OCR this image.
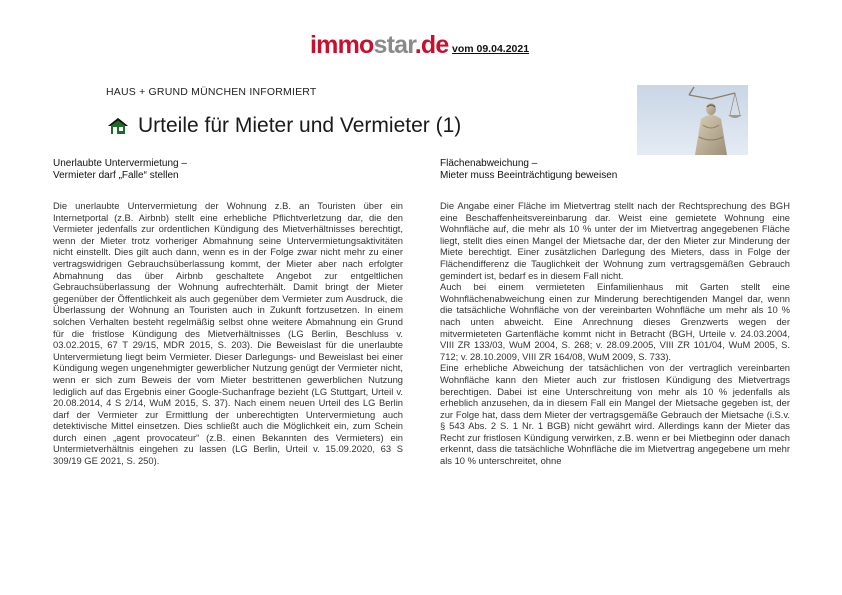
immostar.de vom 09.04.2021
HAUS + GRUND MÜNCHEN INFORMIERT
Urteile für Mieter und Vermieter (1)
Unerlaubte Untervermietung –
Vermieter darf „Falle“ stellen

Die unerlaubte Untervermietung der Wohnung z.B. an Touristen über ein Internetportal (z.B. Airbnb) stellt eine erhebliche Pflichtverletzung dar, die den Vermieter jedenfalls zur ordentlichen Kündigung des Mietverhältnisses berechtigt, wenn der Mieter trotz vorheriger Abmahnung seine Untervermietungsaktivitäten nicht einstellt. Dies gilt auch dann, wenn es in der Folge zwar nicht mehr zu einer vertragswidrigen Gebrauchsüberlassung kommt, der Mieter aber nach erfolgter Abmahnung das über Airbnb geschaltete Angebot zur entgeltlichen Gebrauchsüberlassung der Wohnung aufrechterhält. Damit bringt der Mieter gegenüber der Öffentlichkeit als auch gegenüber dem Vermieter zum Ausdruck, die Überlassung der Wohnung an Touristen auch in Zukunft fortzusetzen. In einem solchen Verhalten besteht regelmäßig selbst ohne weitere Abmahnung ein Grund für die fristlose Kündigung des Mietverhältnisses (LG Berlin, Beschluss v. 03.02.2015, 67 T 29/15, MDR 2015, S. 203). Die Beweislast für die unerlaubte Untervermietung liegt beim Vermieter. Dieser Darlegungs- und Beweislast bei einer Kündigung wegen ungenehmigter gewerblicher Nutzung genügt der Vermieter nicht, wenn er sich zum Beweis der vom Mieter bestrittenen gewerblichen Nutzung lediglich auf das Ergebnis einer Google-Suchanfrage bezieht (LG Stuttgart, Urteil v. 20.08.2014, 4 S 2/14, WuM 2015, S. 37). Nach einem neuen Urteil des LG Berlin darf der Vermieter zur Ermittlung der unberechtigten Untervermietung auch detektivische Mittel einsetzen. Dies schließt auch die Möglichkeit ein, zum Schein durch einen „agent provocateur“ (z.B. einen Bekannten des Vermieters) ein Untermietverhältnis eingehen zu lassen (LG Berlin, Urteil v. 15.09.2020, 63 S 309/19 GE 2021, S. 250).

Flächenabweichung –
Mieter muss Beeinträchtigung beweisen

Die Angabe einer Fläche im Mietvertrag stellt nach der Rechtsprechung des BGH eine Beschaffenheitsvereinbarung dar. Weist eine gemietete Wohnung eine Wohnfläche auf, die mehr als 10 % unter der im Mietvertrag angegebenen Fläche liegt, stellt dies einen Mangel der Mietsache dar, der den Mieter zur Minderung der Miete berechtigt. Einer zusätzlichen Darlegung des Mieters, dass in Folge der Flächendifferenz die Tauglichkeit der Wohnung zum vertragsgemäßen Gebrauch gemindert ist, bedarf es in diesem Fall nicht.

Auch bei einem vermieteten Einfamilienhaus mit Garten stellt eine Wohnflächenabweichung einen zur Minderung berechtigenden Mangel dar, wenn die tatsächliche Wohnfläche von der vereinbarten Wohnfläche um mehr als 10 % nach unten abweicht. Eine Anrechnung dieses Grenzwerts wegen der mitvermieteten Gartenfläche kommt nicht in Betracht (BGH, Urteile v. 24.03.2004, VIII ZR 133/03, WuM 2004, S. 268; v. 28.09.2005, VIII ZR 101/04, WuM 2005, S. 712; v. 28.10.2009, VIII ZR 164/08, WuM 2009, S. 733).

Eine erhebliche Abweichung der tatsächlichen von der vertraglich vereinbarten Wohnfläche kann den Mieter auch zur fristlosen Kündigung des Mietvertrags berechtigen. Dabei ist eine Unterschreitung von mehr als 10 % jedenfalls als erheblich anzusehen, da in diesem Fall ein Mangel der Mietsache gegeben ist, der zur Folge hat, dass dem Mieter der vertragsgemäße Gebrauch der Mietsache (i.S.v. § 543 Abs. 2 S. 1 Nr. 1 BGB) nicht gewährt wird. Allerdings kann der Mieter das Recht zur fristlosen Kündigung verwirken, z.B. wenn er bei Mietbeginn oder danach erkennt, dass die tatsächliche Wohnfläche die im Mietvertrag angegebene um mehr als 10 % unterschreitet, ohne
